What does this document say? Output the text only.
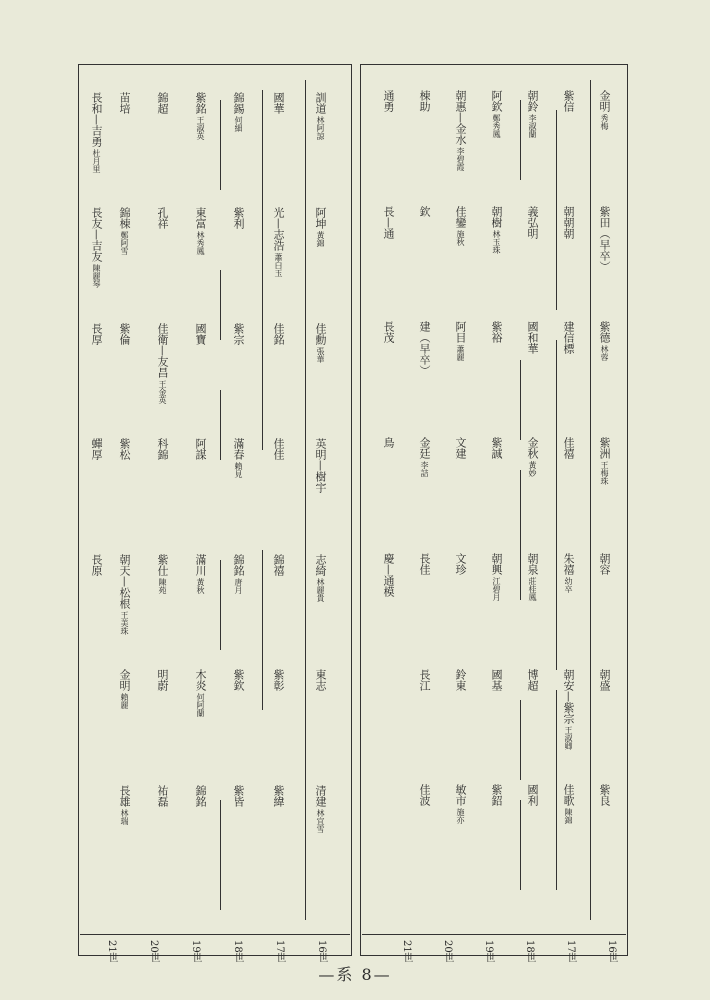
16世
17世
18世
19世
20世
21世
16世
17世
18世
19世
20世
21世
金明秀梅
紫田（早卒）
紫德林蓉
紫洲王梅珠
朝容
朝盛
紫良
紫信
朝朝朝
建信標
佳禧
朱禧幼卒
朝安—紫宗王淑卿
佳歌陳錦
朝鈴李淑蘭
義弘明
國和華
金秋黃妙
朝泉莊桂鳳
博超
國利
阿欽鄭秀鳳
朝樹林玉珠
紫裕
紫誠
朝興江碧月
國基
紫鉊
朝惠—金水李碧霞
佳鑾施秋
阿目蕭麗
文建
文珍
鈴東
敏市施亦
棟助
欽
建（早卒）
金廷李詰
長佳
長江
佳波
通勇
長—通
長茂
鳥
慶—通模
訓道林阿諒
阿坤黃錦
佳勳張華
英明—樹宇
志綺林麗貴
東志
清建林宜雪
國華
光—志浩蕭白玉
佳銘
佳佳
錦禧
紫彰
紫緯
錦錫何細
紫利
紫宗
滿春賴見
錦銘唐月
紫欽
紫皆
紫銘王淑英
東富林秀鳳
國寶
阿謀
滿川黃秋
木炎何阿蘭
錦銘
錦超
孔祥
佳衛—友昌王金英
科錦
紫仕陳苑
明蔚
祐磊
苗培
錦棟鄭阿雪
紫倫
紫松
朝天—松根王美珠
金明賴麗
長雄林瑞
長和—吉勇杜月里
長友—吉友陳麗琴
長厚
蟬厚
長原
—系 8—
